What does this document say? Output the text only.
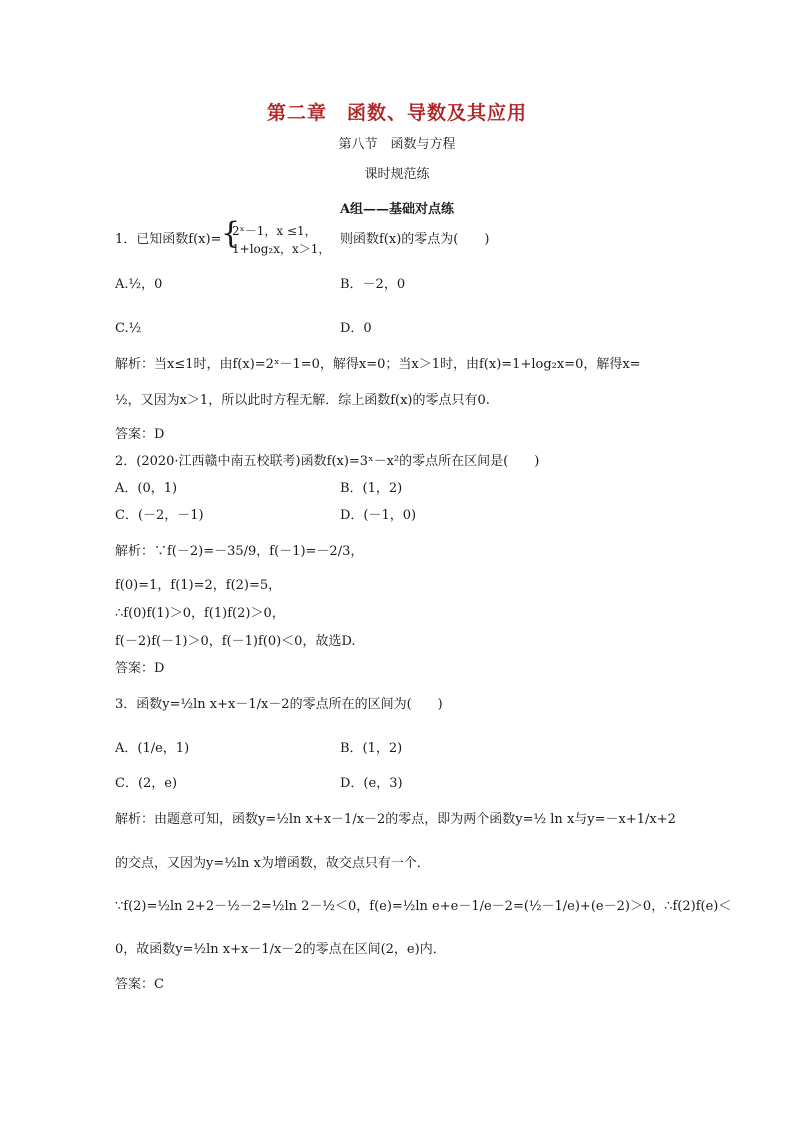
第二章　函数、导数及其应用
第八节　函数与方程
课时规范练
A组——基础对点练
1．已知函数f(x)= {
2ˣ－1，x ≤1，
1+log₂x，x＞1，
则函数f(x)的零点为(　　)
A.½，0	B．－2，0
C.½	D．0
解析：当x≤1时，由f(x)=2ˣ－1=0，解得x=0；当x＞1时，由f(x)=1+log₂x=0，解得x=
½，又因为x＞1，所以此时方程无解．综上函数f(x)的零点只有0.
答案：D
2．(2020·江西赣中南五校联考)函数f(x)=3ˣ－x²的零点所在区间是(　　)
A．(0，1)	B．(1，2)
C．(－2，－1)	D．(－1，0)
解析：∵f(－2)=－35/9，f(－1)=－2/3，
f(0)=1，f(1)=2，f(2)=5，
∴f(0)f(1)＞0，f(1)f(2)＞0，
f(－2)f(－1)＞0，f(－1)f(0)＜0，故选D.
答案：D
3．函数y=½ln x+x－1/x－2的零点所在的区间为(　　)
A．(1/e，1)	B．(1，2)
C．(2，e)	D．(e，3)
解析：由题意可知，函数y=½ln x+x－1/x－2的零点，即为两个函数y=½ ln x与y=－x+1/x+2
的交点，又因为y=½ln x为增函数，故交点只有一个．
∵f(2)=½ln 2+2－½－2=½ln 2－½＜0，f(e)=½ln e+e－1/e－2=(½－1/e)+(e－2)＞0，∴f(2)f(e)＜
0，故函数y=½ln x+x－1/x－2的零点在区间(2，e)内．
答案：C
